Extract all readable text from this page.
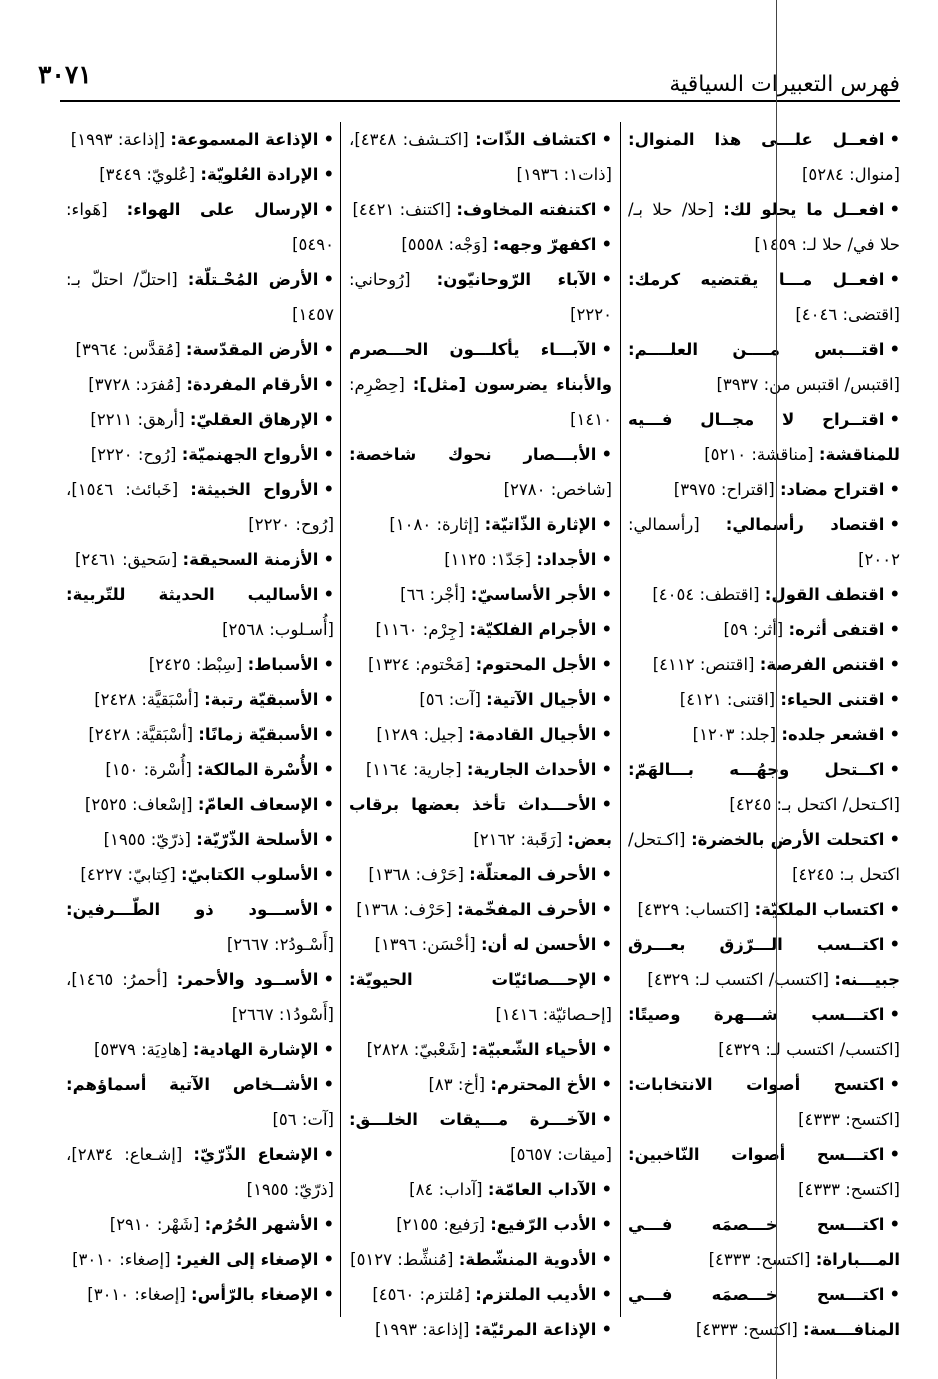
٣٠٧١	فهرس التعبيرات السياقية

•افعــل علـــى هذا المنوال: [منوال: ٥٢٨٤]

•افعــل ما يحلو لك: [حلا/ حلا بـ/ حلا في/ حلا لـ: ١٤٥٩]

•افعــل مـــا يقتضيه كرمك: [اقتضى: ٤٠٤٦]

•اقتـــبس مــــن العلــــم: [اقتبس/ اقتبس من: ٣٩٣٧]

•اقتــراح لا مجــال فـــيه للمناقشة: [مناقشة: ٥٢١٠]

•اقتراح مضاد: [اقتراح: ٣٩٧٥]

•اقتصاد رأسمالي: [رأسمالي: ٢٠٠٢]

•اقتطف القول: [اقتطف: ٤٠٥٤]

•اقتفى أثره: [أثر: ٥٩]

•اقتنص الفرصة: [اقتنص: ٤١١٢]

•اقتنى الحياء: [اقتنى: ٤١٢١]

•اقشعر جلده: [جلد: ١٢٠٣]

•اكــتحل وجهُـــه بـــالهَمّ: [اكـتحل/ اكتحل بـ: ٤٢٤٥]

•اكتحلت الأرض بالخضرة: [اكـتحل/ اكتحل بـ: ٤٢٤٥]

•اكتساب الملكيّة: [اكتساب: ٤٣٢٩]

•اكتــسب الـــرّزق بعـــرق جبيـــنه: [اكتسب/ اكتسب لـ: ٤٣٢٩]

•اكتـــسب شـــهرة وصيتًا: [اكتسب/ اكتسب لـ: ٤٣٢٩]

•اكتسح أصوات الانتخابات: [اكتسح: ٤٣٣٣]

•اكتـــسح أصوات النّاخبين: [اكتسح: ٤٣٣٣]

•اكتـــسح خـــصمَه فـــي المـــباراة: [اكتسح: ٤٣٣٣]

•اكتـــسح خـــصمَه فـــي المنافـــسة: [اكتسح: ٤٣٣٣]

•اكتشاف الذّات: [اكتـشف: ٤٣٤٨]، [ذات١: ١٩٣٦]

•اكتنفته المخاوف: [اكتنف: ٤٤٢١]

•اكفهرّ وجهه: [وَجْه: ٥٥٥٨]

•الآباء الرّوحانيّون: [رُوحاني: ٢٢٢٠]

•الآبـــاء يأكلـــون الحـــصرم والأبناء يضرسون [مثل]: [حِصْرِم: ١٤١٠]

•الأبـــصار نحوك شاخصة: [شاخص: ٢٧٨٠]

•الإثارة الذّاتيّة: [إثارة: ١٠٨٠]

•الأجداد: [جَدّ١: ١١٢٥]

•الأجر الأساسيّ: [أجْر: ٦٦]

•الأجرام الفلكيّة: [جِرْم: ١١٦٠]

•الأجل المحتوم: [مَحْتوم: ١٣٢٤]

•الأجيال الآتية: [آت: ٥٦]

•الأجيال القادمة: [جيل: ١٢٨٩]

•الأحداث الجارية: [جارية: ١١٦٤]

•الأحـــداث تأخذ بعضها برقاب بعض: [رَقَبة: ٢١٦٢]

•الأحرف المعتلّة: [حَرْف: ١٣٦٨]

•الأحرف المفخّمة: [حَرْف: ١٣٦٨]

•الأحسن له أن: [أحْسَن: ١٣٩٦]

•الإحـــصائيّات الحيويّة: [إحـصائيّة: ١٤١٦]

•الأحياء الشّعبيّة: [شَعْبيّ: ٢٨٢٨]

•الأخ المحترم: [أخ: ٨٣]

•الآخـــرة مـــيقات الخلـــق: [ميقات: ٥٦٥٧]

•الآداب العامّة: [آداب: ٨٤]

•الأدب الرّفيع: [رَفيع: ٢١٥٥]

•الأدوية المنشّطة: [مُنشِّط: ٥١٢٧]

•الأديب الملتزم: [مُلتزم: ٤٥٦٠]

•الإذاعة المرئيّة: [إذاعة: ١٩٩٣]

•الإذاعة المسموعة: [إذاعة: ١٩٩٣]

•الإرادة العُلويّة: [عُلويّ: ٣٤٤٩]

•الإرسال على الهواء: [هَواء: ٥٤٩٠]

•الأرض المُحْـتلّة: [احتلّ/ احتلّ بـ: ١٤٥٧]

•الأرض المقدّسة: [مُقدَّس: ٣٩٦٤]

•الأرقام المفردة: [مُفرَد: ٣٧٢٨]

•الإرهاق العقليّ: [أرهق: ٢٢١١]

•الأرواح الجهنميّة: [رُوح: ٢٢٢٠]

•الأرواح الخبيثة: [خَبائث: ١٥٤٦]، [رُوح: ٢٢٢٠]

•الأزمنة السحيقة: [سَحيق: ٢٤٦١]

•الأساليب الحديثة للتّربية: [أُسـلوب: ٢٥٦٨]

•الأسباط: [سِبْط: ٢٤٢٥]

•الأسبقيّة رتبة: [أسْبَقيَّة: ٢٤٢٨]

•الأسبقيّة زمانًا: [أسْبَقيَّة: ٢٤٢٨]

•الأُسْرة المالكة: [أُسْرة: ١٥٠]

•الإسعاف العامّ: [إسْعاف: ٢٥٢٥]

•الأسلحة الذّرّيّة: [ذرّيّ: ١٩٥٥]

•الأسلوب الكتابيّ: [كِتابيّ: ٤٢٢٧]

•الأســـود ذو الطّـــرفين: [أَسْـودُ٢: ٢٦٦٧]

•الأســود والأحمر: [أحمرُ: ١٤٦٥]، [أَسْودُ١: ٢٦٦٧]

•الإشارة الهادية: [هادِيَة: ٥٣٧٩]

•الأشــخاص الآتية أسماؤهم: [آت: ٥٦]

•الإشعاع الذّرّيّ: [إشـعاع: ٢٨٣٤]، [ذرّيّ: ١٩٥٥]

•الأشهر الحُرُم: [شَهْر: ٢٩١٠]

•الإصغاء إلى الغير: [إصغاء: ٣٠١٠]

•الإصغاء بالرّأس: [إصغاء: ٣٠١٠]
